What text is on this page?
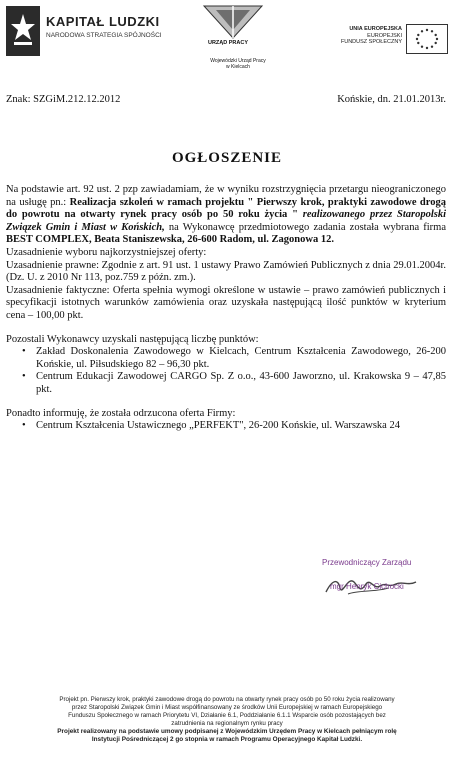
KAPITAŁ LUDZKI
NARODOWA STRATEGIA SPÓJNOŚCI
URZĄD PRACY
Wojewódzki Urząd Pracy
w Kielcach
UNIA EUROPEJSKA
EUROPEJSKI
FUNDUSZ SPOŁECZNY
Znak: SZGiM.212.12.2012	Końskie, dn. 21.01.2013r.
OGŁOSZENIE

Na podstawie art. 92 ust. 2 pzp zawiadamiam, że w wyniku rozstrzygnięcia przetargu nieograniczonego na usługę pn.: Realizacja szkoleń w ramach projektu " Pierwszy krok, praktyki zawodowe drogą do powrotu na otwarty rynek pracy osób po 50 roku życia " realizowanego przez Staropolski Związek Gmin i Miast w Końskich, na Wykonawcę przedmiotowego zadania została wybrana firma BEST COMPLEX, Beata Staniszewska, 26-600 Radom, ul. Zagonowa 12.

Uzasadnienie wyboru najkorzystniejszej oferty:

Uzasadnienie prawne: Zgodnie z art. 91 ust. 1 ustawy Prawo Zamówień Publicznych z dnia 29.01.2004r. (Dz. U. z 2010 Nr 113, poz.759 z późn. zm.).

Uzasadnienie faktyczne: Oferta spełnia wymogi określone w ustawie – prawo zamówień publicznych i specyfikacji istotnych warunków zamówienia oraz uzyskała następującą ilość punktów w kryterium cena – 100,00 pkt.

Pozostali Wykonawcy uzyskali następującą liczbę punktów:

• Zakład Doskonalenia Zawodowego w Kielcach, Centrum Kształcenia Zawodowego, 26-200 Końskie, ul. Piłsudskiego 82 – 96,30 pkt.
• Centrum Edukacji Zawodowej CARGO Sp. Z o.o., 43-600 Jaworzno, ul. Krakowska 9 – 47,85 pkt.

Ponadto informuję, że została odrzucona oferta Firmy:

• Centrum Kształcenia Ustawicznego „PERFEKT", 26-200 Końskie, ul. Warszawska 24
Przewodniczący Zarządu
mgr Henryk Cichocki
Projekt pn. Pierwszy krok, praktyki zawodowe drogą do powrotu na otwarty rynek pracy osób po 50 roku życia realizowany
przez Staropolski Związek Gmin i Miast współfinansowany ze środków Unii Europejskiej w ramach Europejskiego
Funduszu Społecznego w ramach Priorytetu VI, Działanie 6.1, Poddziałanie 6.1.1 Wsparcie osób pozostających bez
zatrudnienia na regionalnym rynku pracy
Projekt realizowany na podstawie umowy podpisanej z Wojewódzkim Urzędem Pracy w Kielcach pełniącym rolę
Instytucji Pośredniczącej 2 go stopnia w ramach Programu Operacyjnego Kapitał Ludzki.
